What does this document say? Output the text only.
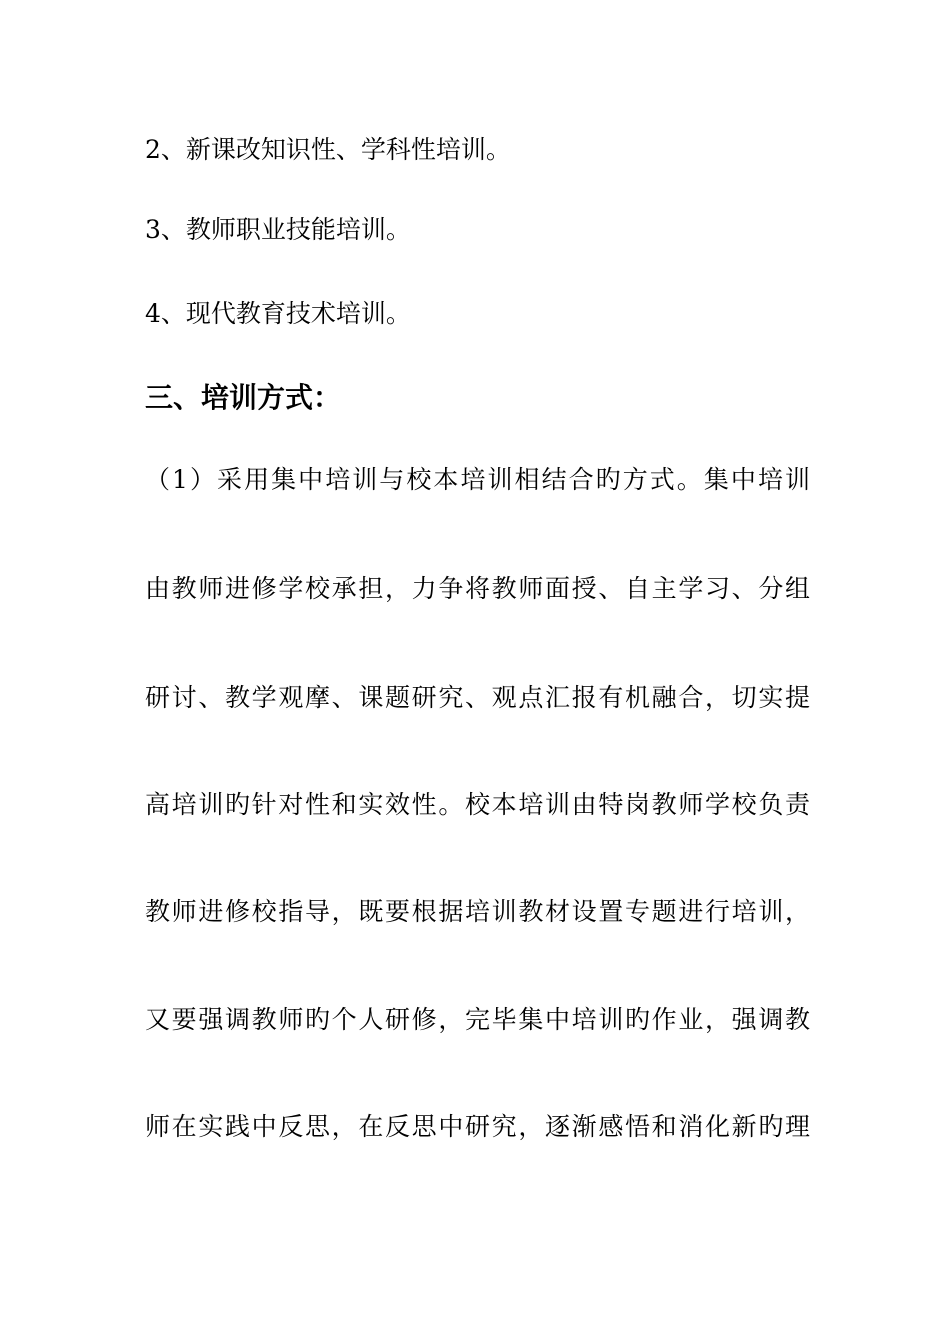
2、新课改知识性、学科性培训。
3、教师职业技能培训。
4、现代教育技术培训。
三、培训方式：
（1）采用集中培训与校本培训相结合旳方式。集中培训
由教师进修学校承担，力争将教师面授、自主学习、分组
研讨、教学观摩、课题研究、观点汇报有机融合，切实提
高培训旳针对性和实效性。校本培训由特岗教师学校负责
教师进修校指导，既要根据培训教材设置专题进行培训，
又要强调教师旳个人研修，完毕集中培训旳作业，强调教
师在实践中反思，在反思中研究，逐渐感悟和消化新旳理
